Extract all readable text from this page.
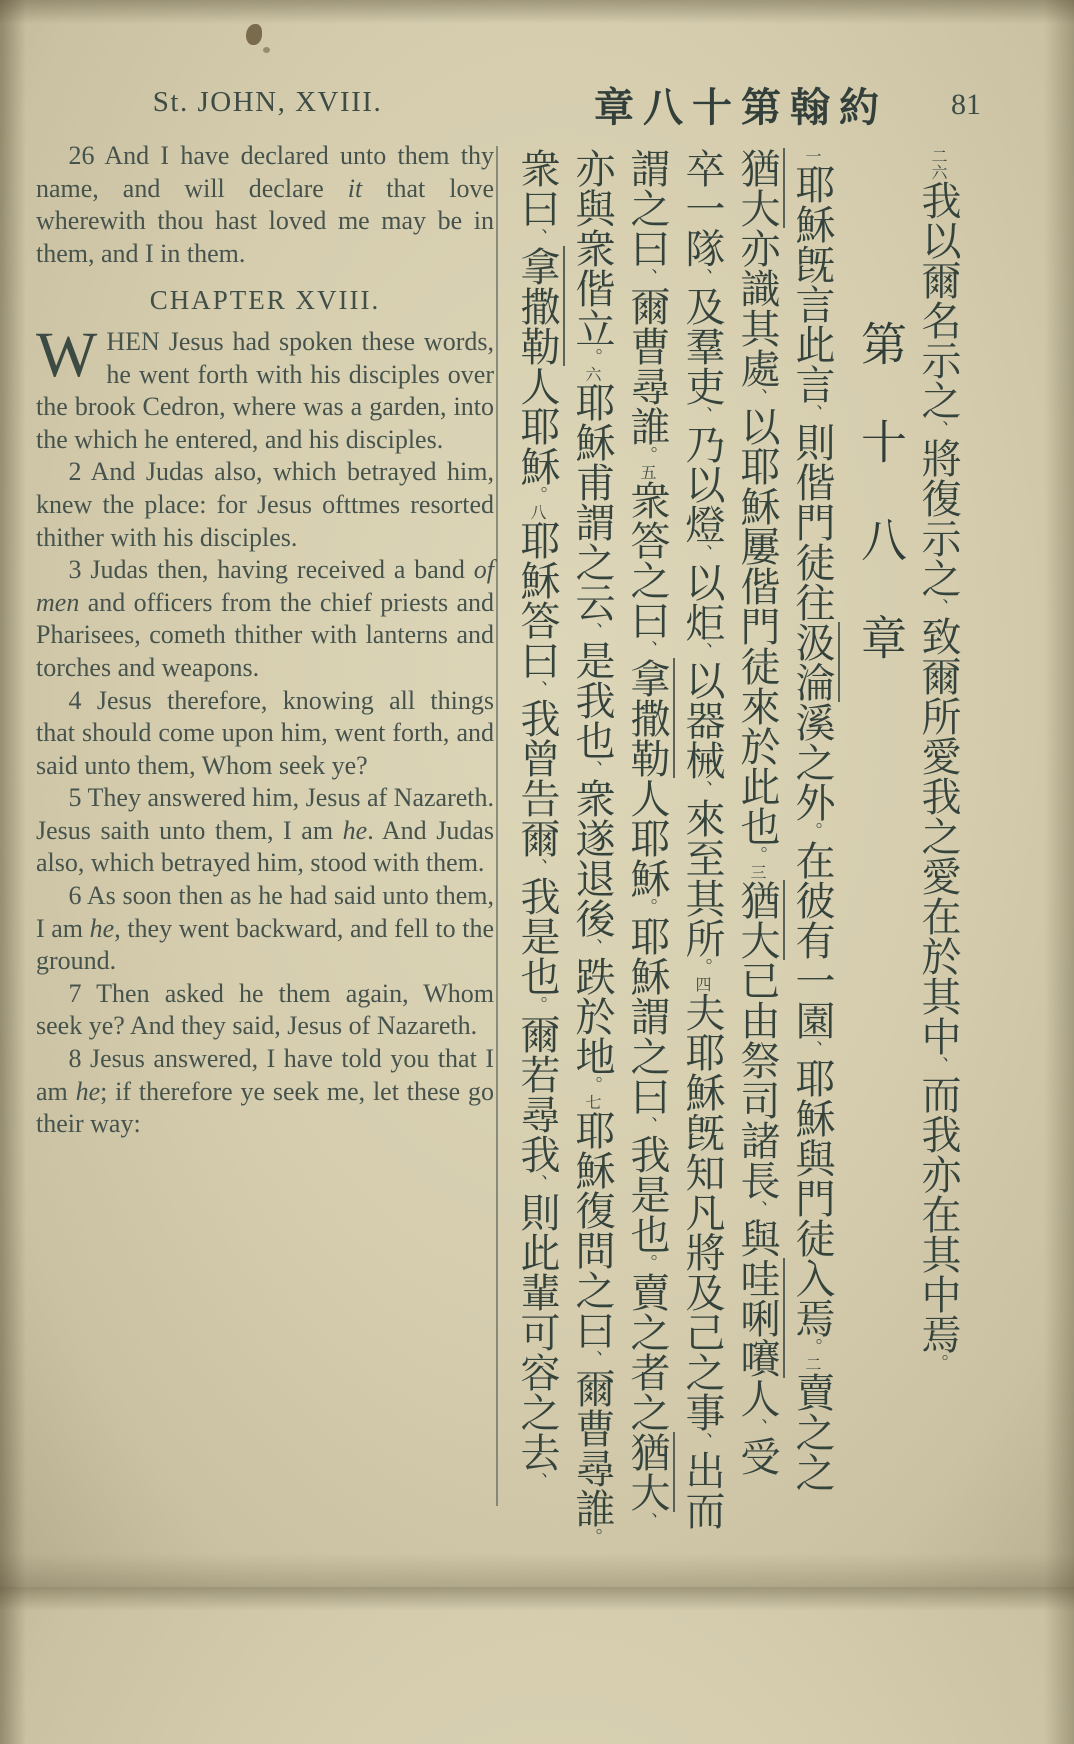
St. JOHN, XVIII.	章八十第翰約	81

26 And I have declared unto them thy name, and will declare it that love wherewith thou hast loved me may be in them, and I in them.

CHAPTER XVIII.

WHEN Jesus had spoken these words, he went forth with his disciples over the brook Cedron, where was a garden, into the which he entered, and his disciples.

2 And Judas also, which betrayed him, knew the place: for Jesus ofttmes resorted thither with his disciples.

3 Judas then, having received a band of men and officers from the chief priests and Pharisees, cometh thither with lanterns and torches and weapons.

4 Jesus therefore, knowing all things that should come upon him, went forth, and said unto them, Whom seek ye?

5 They answered him, Jesus af Nazareth. Jesus saith unto them, I am he. And Judas also, which betrayed him, stood with them.

6 As soon then as he had said unto them, I am he, they went backward, and fell to the ground.

7 Then asked he them again, Whom seek ye? And they said, Jesus of Nazareth.

8 Jesus answered, I have told you that I am he; if therefore ye seek me, let these go their way:

二六我以爾名示之、將復示之、致爾所愛我之愛在於其中、而我亦在其中焉。
第十八章
一耶穌旣言此言、則偕門徒往汲淪溪之外。在彼有一園、耶穌與門徒入焉。二賣之之
猶大亦識其處、以耶穌屢偕門徒來於此也。三猶大已由祭司諸長、與哇唎㘔人、受
卒一隊、及羣吏、乃以燈、以炬、以器械、來至其所。四夫耶穌旣知凡將及己之事、出而
謂之曰、爾曹尋誰。五衆答之曰、拿撒勒人耶穌。耶穌謂之曰、我是也。賣之者之猶大、
亦與衆偕立。六耶穌甫謂之云、是我也、衆遂退後、跌於地。七耶穌復問之曰、爾曹尋誰。
衆曰、拿撒勒人耶穌。八耶穌答曰、我曾告爾、我是也。爾若尋我、則此輩可容之去、
